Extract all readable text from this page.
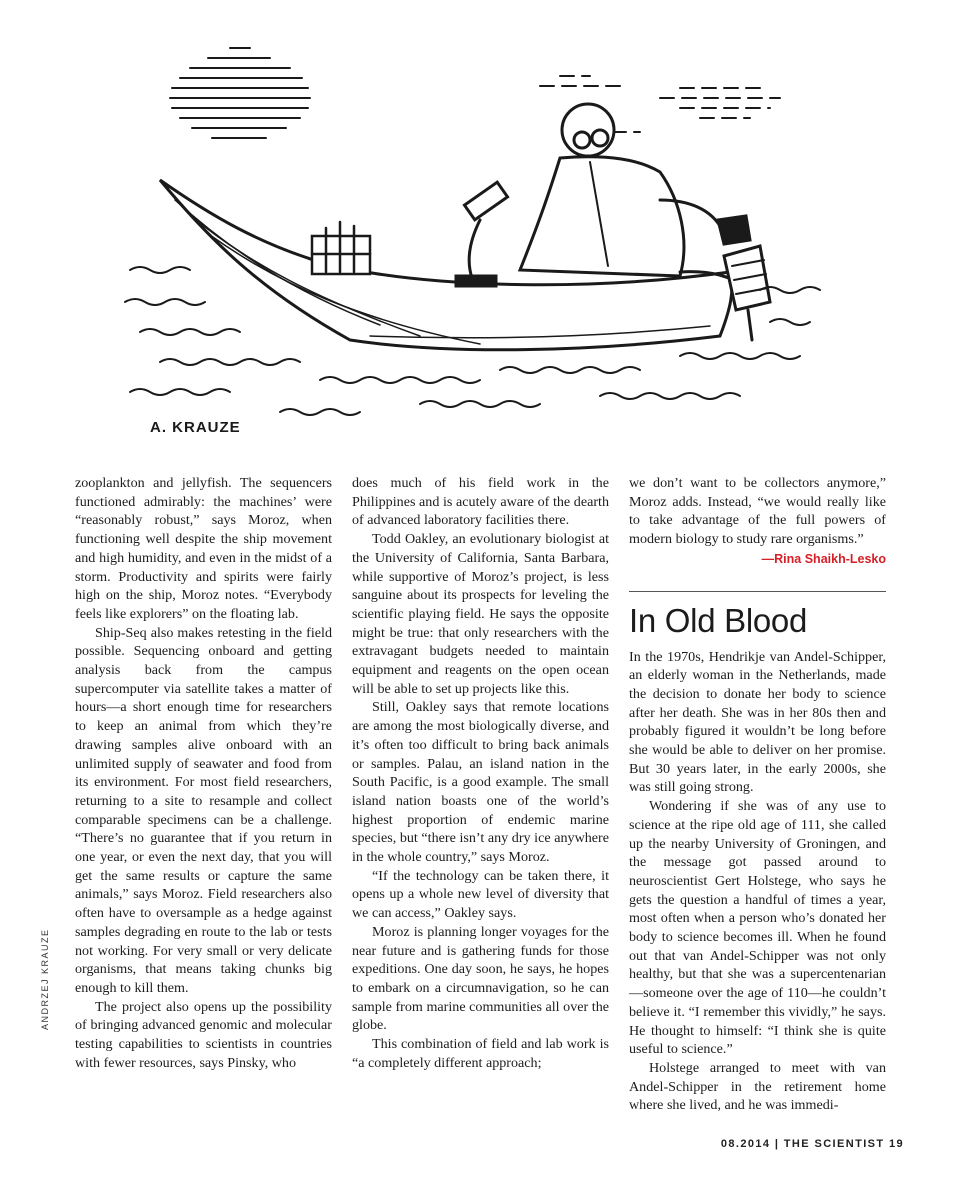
A. KRAUZE
ANDRZEJ KRAUZE

zooplankton and jellyfish. The sequencers functioned admirably: the machines’ were “reasonably robust,” says Moroz, when functioning well despite the ship movement and high humidity, and even in the midst of a storm. Productivity and spirits were fairly high on the ship, Moroz notes. “Everybody feels like explorers” on the floating lab.

Ship-Seq also makes retesting in the field possible. Sequencing onboard and getting analysis back from the campus supercomputer via satellite takes a matter of hours—a short enough time for researchers to keep an animal from which they’re drawing samples alive onboard with an unlimited supply of seawater and food from its environment. For most field researchers, returning to a site to resample and collect comparable specimens can be a challenge. “There’s no guarantee that if you return in one year, or even the next day, that you will get the same results or capture the same animals,” says Moroz. Field researchers also often have to oversample as a hedge against samples degrading en route to the lab or tests not working. For very small or very delicate organisms, that means taking chunks big enough to kill them.

The project also opens up the possibility of bringing advanced genomic and molecular testing capabilities to scientists in countries with fewer resources, says Pinsky, who

does much of his field work in the Philippines and is acutely aware of the dearth of advanced laboratory facilities there.

Todd Oakley, an evolutionary biologist at the University of California, Santa Barbara, while supportive of Moroz’s project, is less sanguine about its prospects for leveling the scientific playing field. He says the opposite might be true: that only researchers with the extravagant budgets needed to maintain equipment and reagents on the open ocean will be able to set up projects like this.

Still, Oakley says that remote locations are among the most biologically diverse, and it’s often too difficult to bring back animals or samples. Palau, an island nation in the South Pacific, is a good example. The small island nation boasts one of the world’s highest proportion of endemic marine species, but “there isn’t any dry ice anywhere in the whole country,” says Moroz.

“If the technology can be taken there, it opens up a whole new level of diversity that we can access,” Oakley says.

Moroz is planning longer voyages for the near future and is gathering funds for those expeditions. One day soon, he says, he hopes to embark on a circumnavigation, so he can sample from marine communities all over the globe.

This combination of field and lab work is “a completely different approach;

we don’t want to be collectors anymore,” Moroz adds. Instead, “we would really like to take advantage of the full powers of modern biology to study rare organisms.”

—Rina Shaikh-Lesko
In Old Blood

In the 1970s, Hendrikje van Andel-Schipper, an elderly woman in the Netherlands, made the decision to donate her body to science after her death. She was in her 80s then and probably figured it wouldn’t be long before she would be able to deliver on her promise. But 30 years later, in the early 2000s, she was still going strong.

Wondering if she was of any use to science at the ripe old age of 111, she called up the nearby University of Groningen, and the message got passed around to neuroscientist Gert Holstege, who says he gets the question a handful of times a year, most often when a person who’s donated her body to science becomes ill. When he found out that van Andel-Schipper was not only healthy, but that she was a supercentenarian—someone over the age of 110—he couldn’t believe it. “I remember this vividly,” he says. He thought to himself: “I think she is quite useful to science.”

Holstege arranged to meet with van Andel-Schipper in the retirement home where she lived, and he was immedi-

08.2014 | THE SCIENTIST 19
